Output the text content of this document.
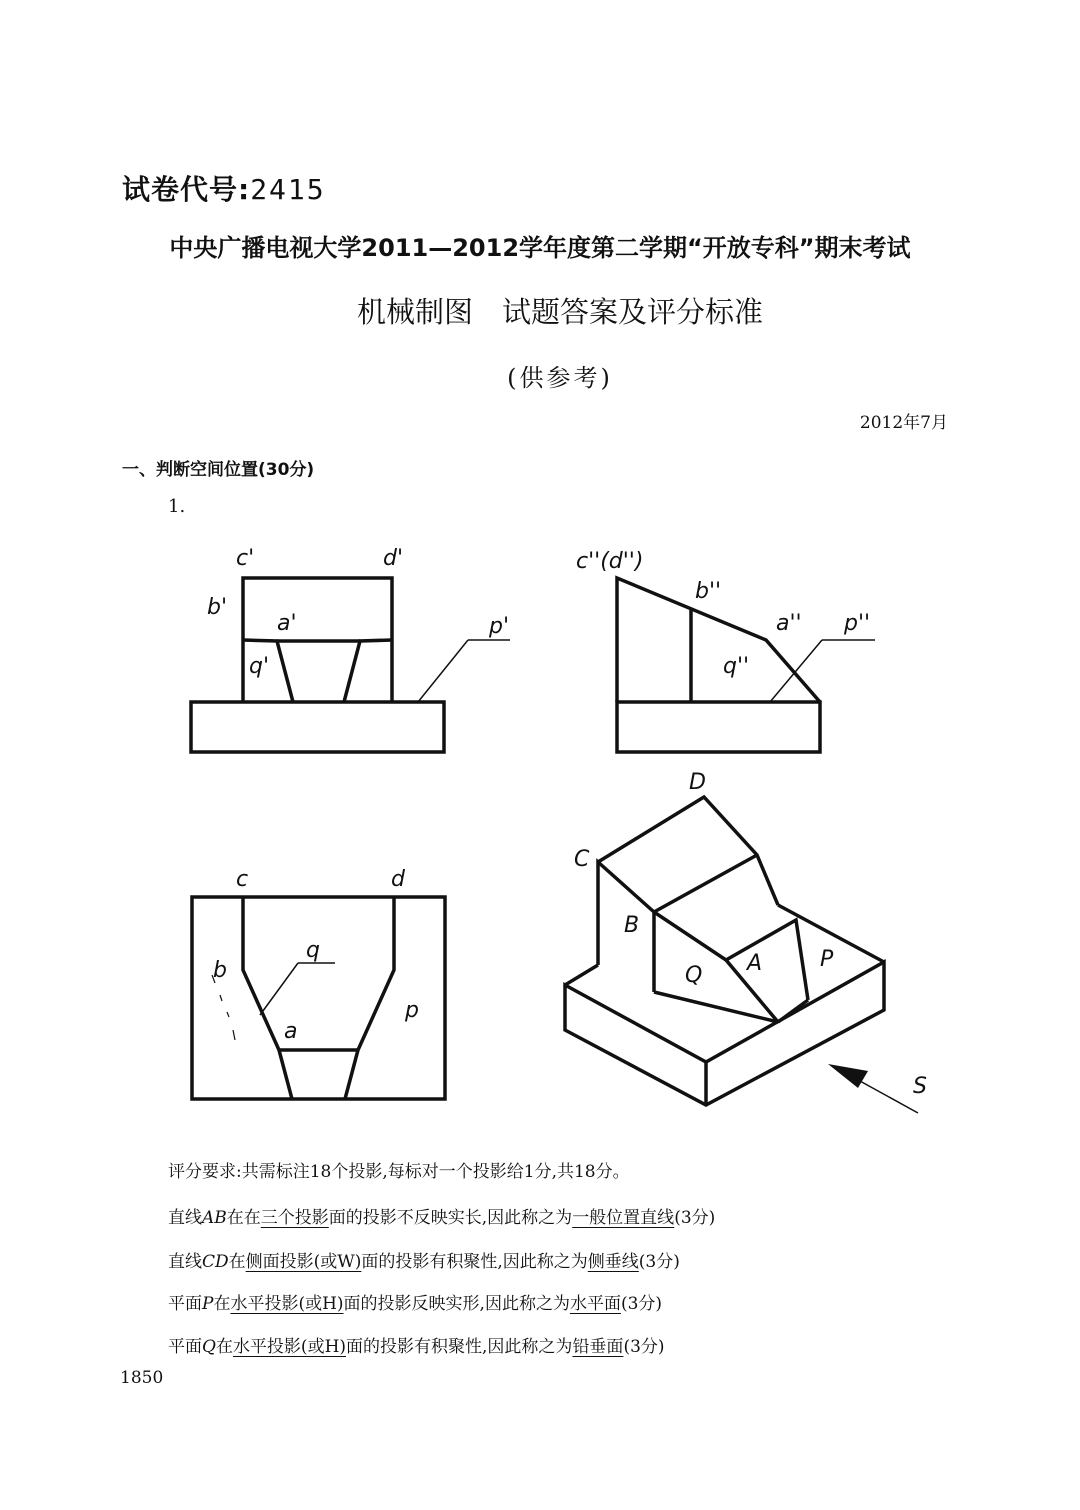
试卷代号:2415
中央广播电视大学2011—2012学年度第二学期“开放专科”期末考试
机械制图　试题答案及评分标准
(供参考)
2012年7月
一、判断空间位置(30分)
1.
c'	d'
b'
a'
q'
p'
c''(d'')
b''
a'' p''
q''
c	d
b
q
a
p
D
C
B
Q A	P
S
评分要求:共需标注18个投影,每标对一个投影给1分,共18分。
直线AB在在三个投影面的投影不反映实长,因此称之为一般位置直线(3分)
直线CD在侧面投影(或W)面的投影有积聚性,因此称之为侧垂线(3分)
平面P在水平投影(或H)面的投影反映实形,因此称之为水平面(3分)
平面Q在水平投影(或H)面的投影有积聚性,因此称之为铅垂面(3分)
1850
